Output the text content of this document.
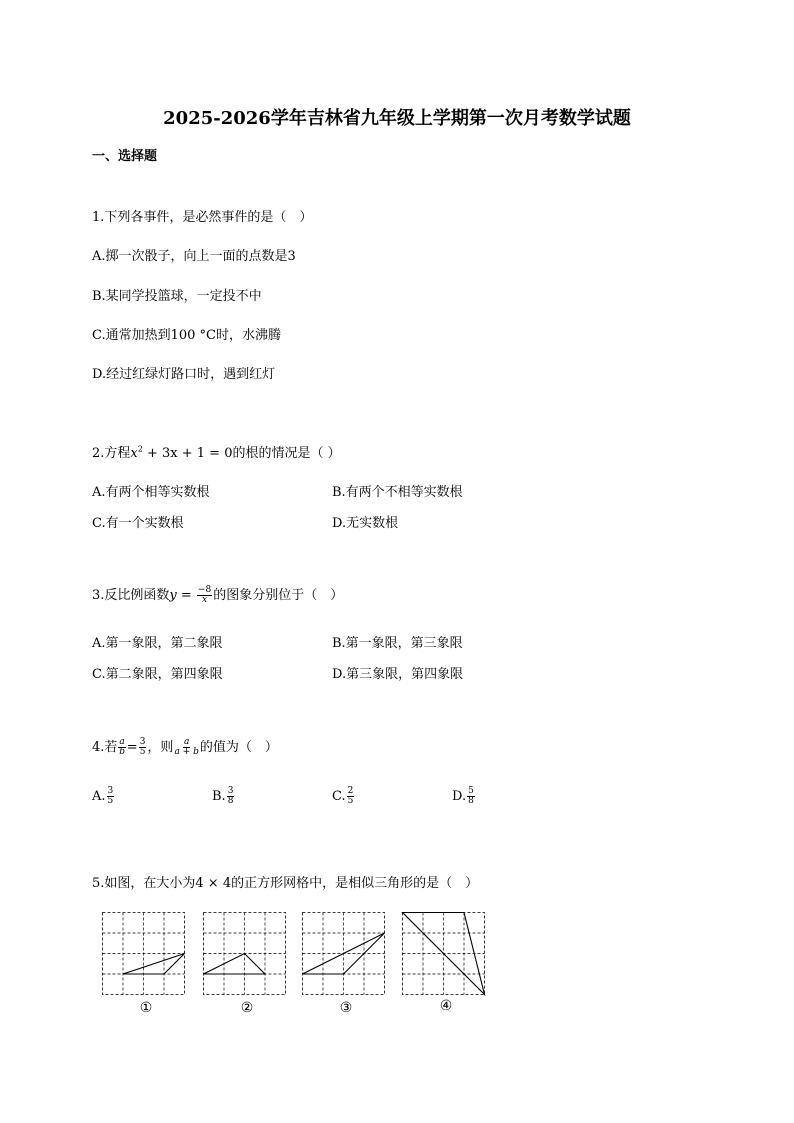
2025-2026学年吉林省九年级上学期第一次月考数学试题
一、选择题
1.下列各事件，是必然事件的是（　）
A.掷一次骰子，向上一面的点数是3
B.某同学投篮球，一定投不中
C.通常加热到100 °C时，水沸腾
D.经过红绿灯路口时，遇到红灯
2.方程$x^2 + 3x + 1 = 0$的根的情况是（ ）
A.有两个相等实数根	B.有两个不相等实数根
C.有一个实数根	D.无实数根
3.反比例函数$y = \frac{-8}{x}$ 的图象分别位于（　）
A.第一象限，第二象限	B.第一象限，第三象限
C.第二象限，第四象限	D.第三象限，第四象限
4.若 $\frac{a}{b} = \frac{3}{5}$ ，则 $\frac{a}{a + b}$ 的值为（　）
A. $\frac{3}{5}$	B. $\frac{3}{8}$	C. $\frac{2}{5}$	D. $\frac{5}{8}$
5.如图，在大小为4 × 4的正方形网格中，是相似三角形的是（　）
①	②	③	④
